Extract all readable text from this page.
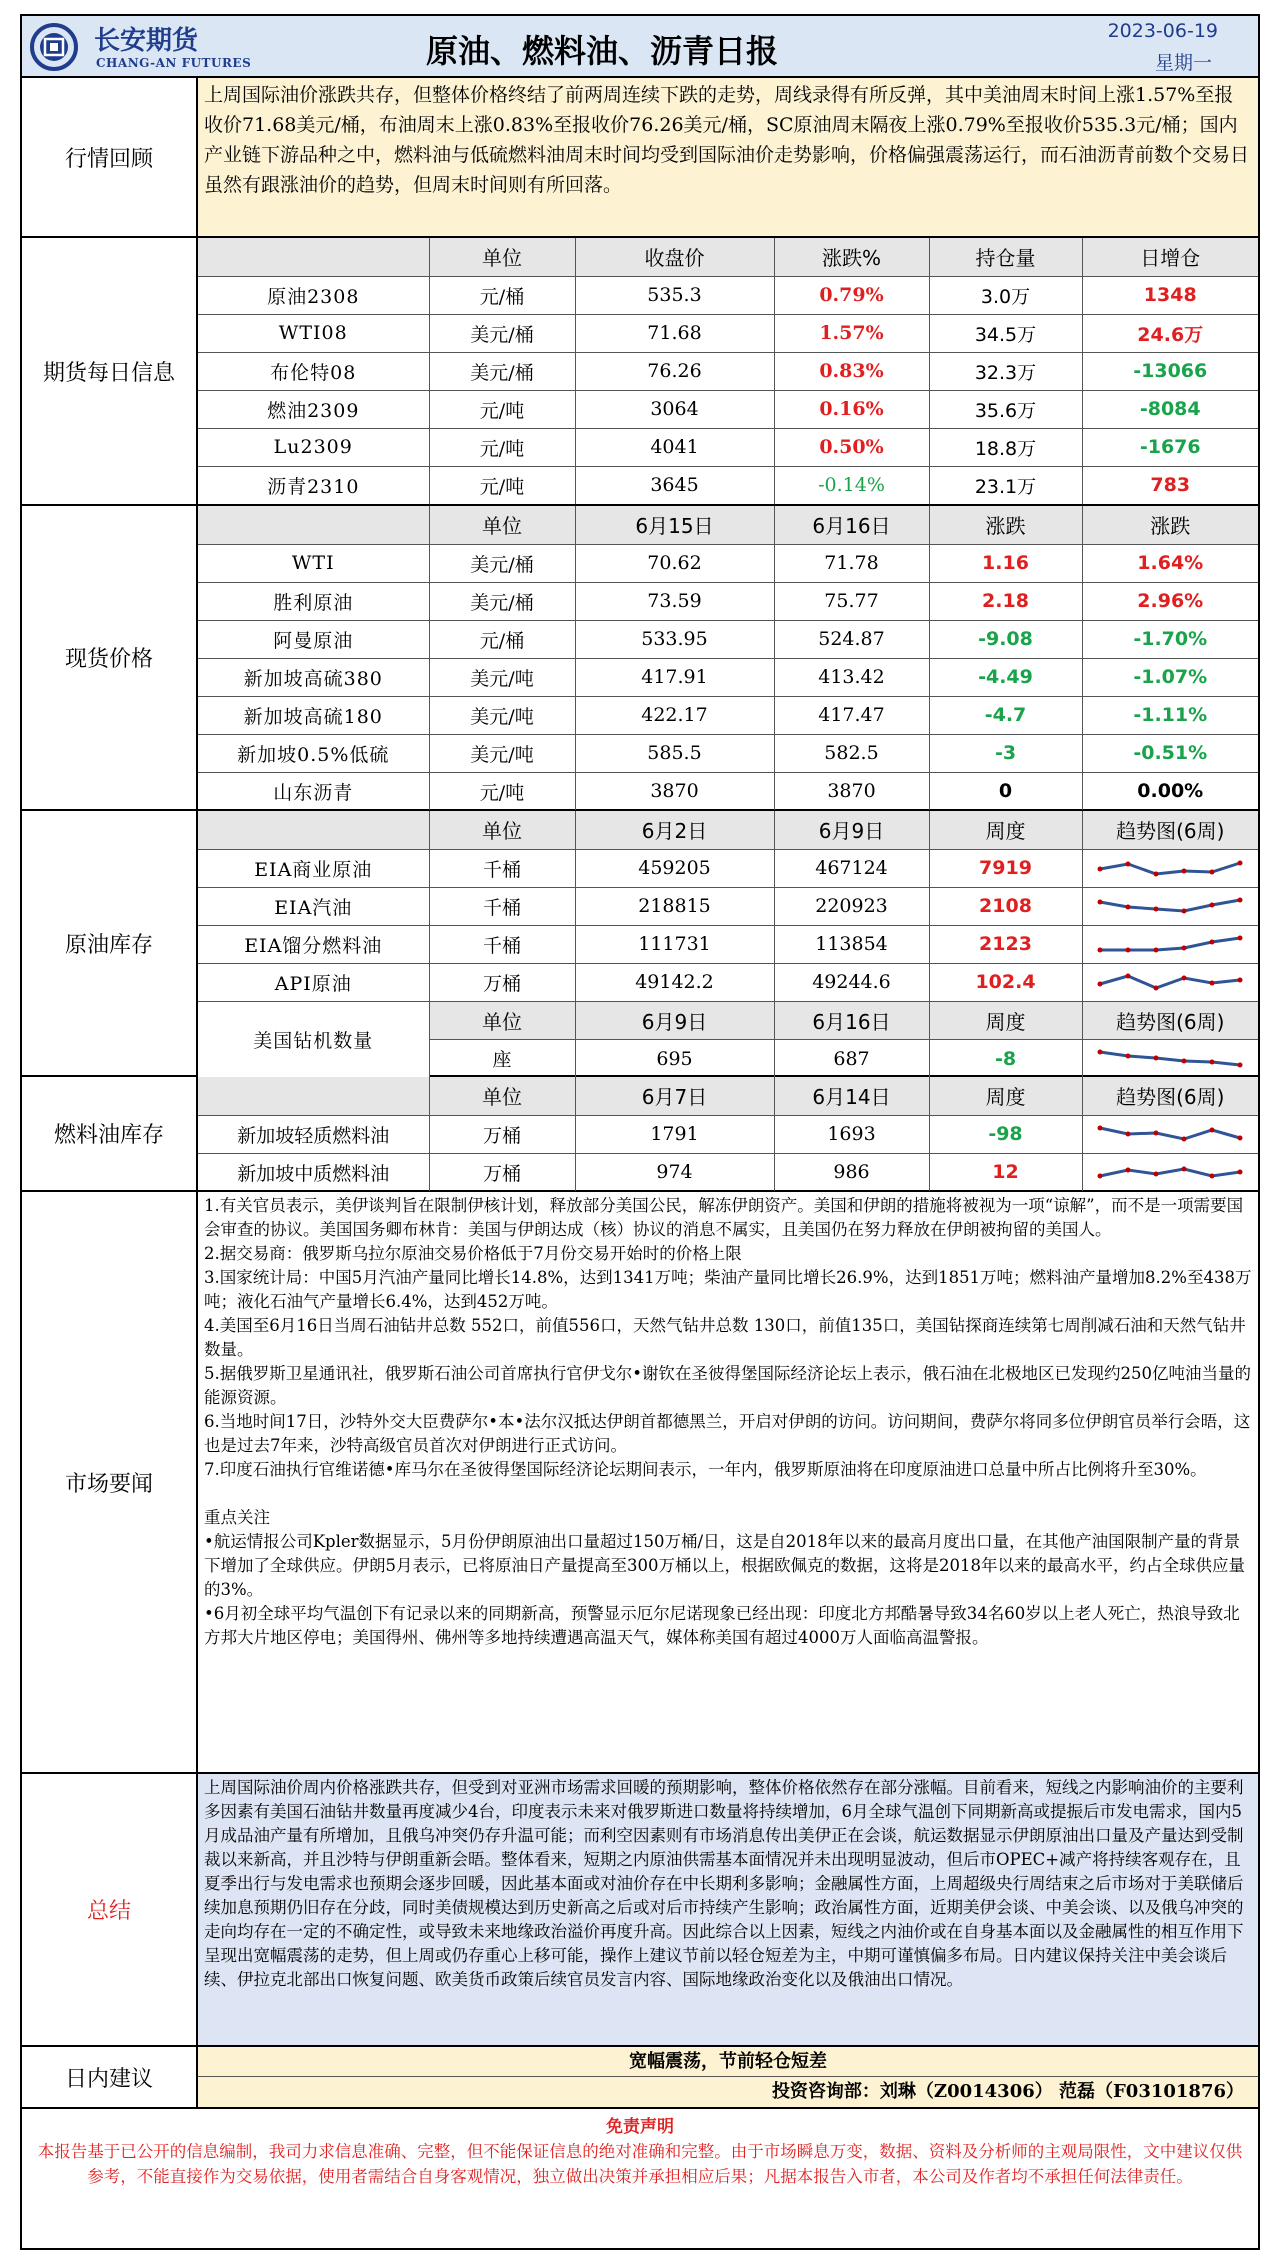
长安期货
CHANG-AN FUTURES	原油、燃料油、沥青日报
2023-06-19
星期一
行情回顾
上周国际油价涨跌共存，但整体价格终结了前两周连续下跌的走势，周线录得有所反弹，其中美油周末时间上涨1.57%至报收价71.68美元/桶，布油周末上涨0.83%至报收价76.26美元/桶，SC原油周末隔夜上涨0.79%至报收价535.3元/桶；国内产业链下游品种之中，燃料油与低硫燃料油周末时间均受到国际油价走势影响，价格偏强震荡运行，而石油沥青前数个交易日虽然有跟涨油价的趋势，但周末时间则有所回落。
期货每日信息
	单位	收盘价	涨跌%	持仓量	日增仓
原油2308	元/桶	535.3	0.79%	3.0万	1348
WTI08	美元/桶	71.68	1.57%	34.5万	24.6万
布伦特08	美元/桶	76.26	0.83%	32.3万	-13066
燃油2309	元/吨	3064	0.16%	35.6万	-8084
Lu2309	元/吨	4041	0.50%	18.8万	-1676
沥青2310	元/吨	3645	-0.14%	23.1万	783
现货价格
	单位	6月15日	6月16日	涨跌	涨跌
WTI	美元/桶	70.62	71.78	1.16	1.64%
胜利原油	美元/桶	73.59	75.77	2.18	2.96%
阿曼原油	元/桶	533.95	524.87	-9.08	-1.70%
新加坡高硫380	美元/吨	417.91	413.42	-4.49	-1.07%
新加坡高硫180	美元/吨	422.17	417.47	-4.7	-1.11%
新加坡0.5%低硫	美元/吨	585.5	582.5	-3	-0.51%
山东沥青	元/吨	3870	3870	0	0.00%
原油库存
	单位	6月2日	6月9日	周度	趋势图(6周)
EIA商业原油	千桶	459205	467124	7919	

EIA汽油	千桶	218815	220923	2108	

EIA馏分燃料油	千桶	111731	113854	2123	

API原油	万桶	49142.2	49244.6	102.4	
美国钻机数量	单位	6月9日	6月16日	周度	趋势图(6周)
	座	695	687	-8	
燃料油库存
	单位	6月7日	6月14日	周度	趋势图(6周)
新加坡轻质燃料油	万桶	1791	1693	-98	

新加坡中质燃料油	万桶	974	986	12	
市场要闻

1.有关官员表示，美伊谈判旨在限制伊核计划，释放部分美国公民，解冻伊朗资产。美国和伊朗的措施将被视为一项“谅解”，而不是一项需要国会审查的协议。美国国务卿布林肯：美国与伊朗达成（核）协议的消息不属实，且美国仍在努力释放在伊朗被拘留的美国人。

2.据交易商：俄罗斯乌拉尔原油交易价格低于7月份交易开始时的价格上限

3.国家统计局：中国5月汽油产量同比增长14.8%，达到1341万吨；柴油产量同比增长26.9%，达到1851万吨；燃料油产量增加8.2%至438万吨；液化石油气产量增长6.4%，达到452万吨。

4.美国至6月16日当周石油钻井总数 552口，前值556口，天然气钻井总数 130口，前值135口，美国钻探商连续第七周削减石油和天然气钻井数量。

5.据俄罗斯卫星通讯社，俄罗斯石油公司首席执行官伊戈尔•谢钦在圣彼得堡国际经济论坛上表示，俄石油在北极地区已发现约250亿吨油当量的能源资源。

6.当地时间17日，沙特外交大臣费萨尔•本•法尔汉抵达伊朗首都德黑兰，开启对伊朗的访问。访问期间，费萨尔将同多位伊朗官员举行会晤，这也是过去7年来，沙特高级官员首次对伊朗进行正式访问。

7.印度石油执行官维诺德•库马尔在圣彼得堡国际经济论坛期间表示，一年内，俄罗斯原油将在印度原油进口总量中所占比例将升至30%。

重点关注

•航运情报公司Kpler数据显示，5月份伊朗原油出口量超过150万桶/日，这是自2018年以来的最高月度出口量，在其他产油国限制产量的背景下增加了全球供应。伊朗5月表示，已将原油日产量提高至300万桶以上，根据欧佩克的数据，这将是2018年以来的最高水平，约占全球供应量的3%。

•6月初全球平均气温创下有记录以来的同期新高，预警显示厄尔尼诺现象已经出现：印度北方邦酷暑导致34名60岁以上老人死亡，热浪导致北方邦大片地区停电；美国得州、佛州等多地持续遭遇高温天气，媒体称美国有超过4000万人面临高温警报。

总结
上周国际油价周内价格涨跌共存，但受到对亚洲市场需求回暖的预期影响，整体价格依然存在部分涨幅。目前看来，短线之内影响油价的主要利多因素有美国石油钻井数量再度减少4台，印度表示未来对俄罗斯进口数量将持续增加，6月全球气温创下同期新高或提振后市发电需求，国内5月成品油产量有所增加，且俄乌冲突仍存升温可能；而利空因素则有市场消息传出美伊正在会谈，航运数据显示伊朗原油出口量及产量达到受制裁以来新高，并且沙特与伊朗重新会晤。整体看来，短期之内原油供需基本面情况并未出现明显波动，但后市OPEC+减产将持续客观存在，且夏季出行与发电需求也预期会逐步回暖，因此基本面或对油价存在中长期利多影响；金融属性方面，上周超级央行周结束之后市场对于美联储后续加息预期仍旧存在分歧，同时美债规模达到历史新高之后或对后市持续产生影响；政治属性方面，近期美伊会谈、中美会谈、以及俄乌冲突的走向均存在一定的不确定性，或导致未来地缘政治溢价再度升高。因此综合以上因素，短线之内油价或在自身基本面以及金融属性的相互作用下呈现出宽幅震荡的走势，但上周或仍存重心上移可能，操作上建议节前以轻仓短差为主，中期可谨慎偏多布局。日内建议保持关注中美会谈后续、伊拉克北部出口恢复问题、欧美货币政策后续官员发言内容、国际地缘政治变化以及俄油出口情况。
日内建议
宽幅震荡，节前轻仓短差
投资咨询部：刘琳（Z0014306） 范磊（F03101876）
免责声明
本报告基于已公开的信息编制，我司力求信息准确、完整，但不能保证信息的绝对准确和完整。由于市场瞬息万变，数据、资料及分析师的主观局限性，文中建议仅供参考，不能直接作为交易依据，使用者需结合自身客观情况，独立做出决策并承担相应后果；凡据本报告入市者，本公司及作者均不承担任何法律责任。
